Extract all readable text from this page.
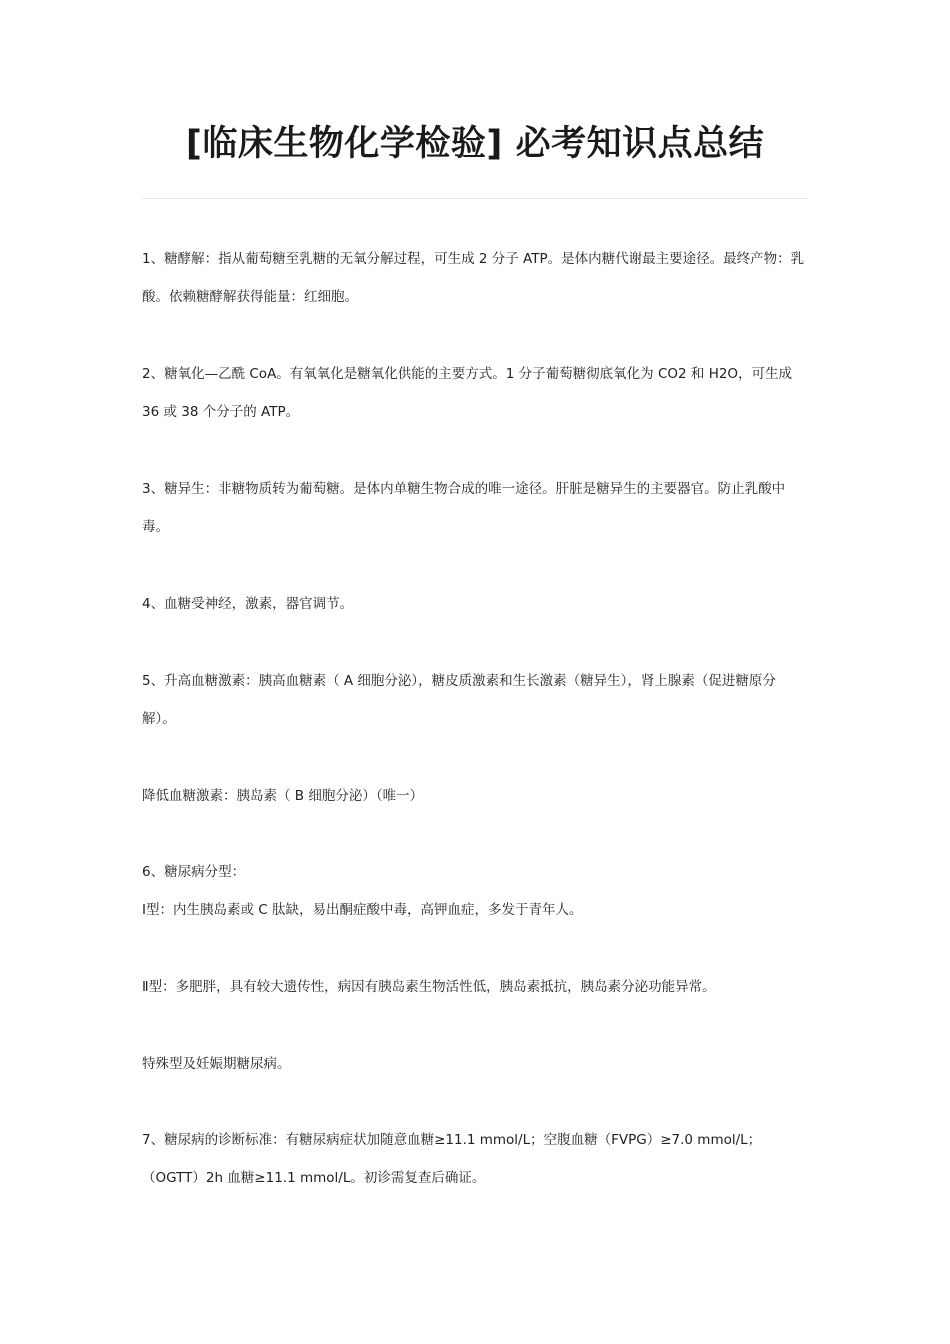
[临床生物化学检验] 必考知识点总结

1、糖酵解：指从葡萄糖至乳糖的无氧分解过程，可生成 2 分子 ATP。是体内糖代谢最主要途径。最终产物：乳酸。依赖糖酵解获得能量：红细胞。

2、糖氧化—乙酰 CoA。有氧氧化是糖氧化供能的主要方式。1 分子葡萄糖彻底氧化为 CO2 和 H2O，可生成 36 或 38 个分子的 ATP。

3、糖异生：非糖物质转为葡萄糖。是体内单糖生物合成的唯一途径。肝脏是糖异生的主要器官。防止乳酸中毒。

4、血糖受神经，激素，器官调节。

5、升高血糖激素：胰高血糖素（ A 细胞分泌），糖皮质激素和生长激素（糖异生），肾上腺素（促进糖原分解）。

降低血糖激素：胰岛素（ B 细胞分泌）（唯一）

6、糖尿病分型：

Ⅰ型：内生胰岛素或 C 肽缺，易出酮症酸中毒，高钾血症，多发于青年人。

Ⅱ型：多肥胖，具有较大遗传性，病因有胰岛素生物活性低，胰岛素抵抗，胰岛素分泌功能异常。

特殊型及妊娠期糖尿病。

7、糖尿病的诊断标准：有糖尿病症状加随意血糖≥11.1 mmol/L；空腹血糖（FVPG）≥7.0 mmol/L；（OGTT）2h 血糖≥11.1 mmol/L。初诊需复查后确证。
